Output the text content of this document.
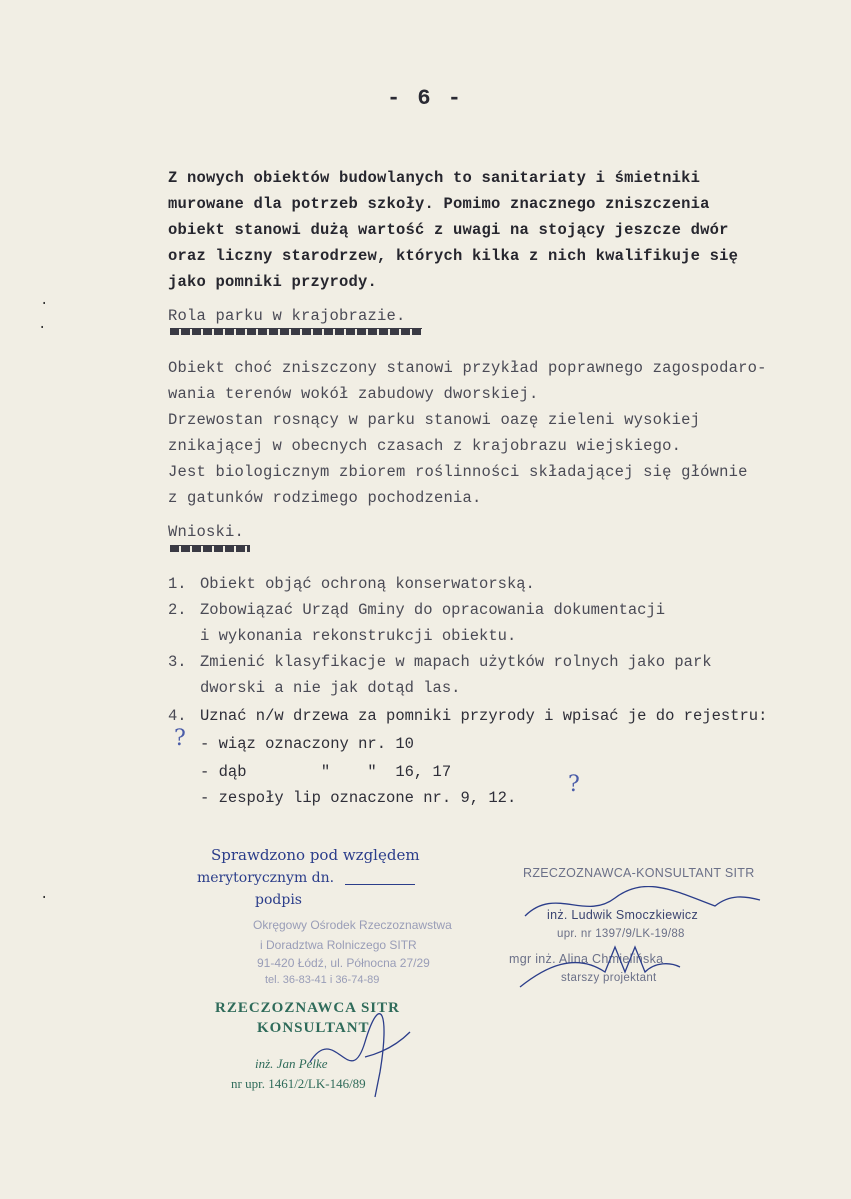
- 6 -
Z nowych obiektów budowlanych to sanitariaty i śmietniki
murowane dla potrzeb szkoły. Pomimo znacznego zniszczenia
obiekt stanowi dużą wartość z uwagi na stojący jeszcze dwór
oraz liczny starodrzew, których kilka z nich kwalifikuje się
jako pomniki przyrody.
Rola parku w krajobrazie.
Obiekt choć zniszczony stanowi przykład poprawnego zagospodaro-
wania terenów wokół zabudowy dworskiej.
Drzewostan rosnący w parku stanowi oazę zieleni wysokiej
znikającej w obecnych czasach z krajobrazu wiejskiego.
Jest biologicznym zbiorem roślinności składającej się głównie
z gatunków rodzimego pochodzenia.
Wnioski.
1. Obiekt objąć ochroną konserwatorską.
2. Zobowiązać Urząd Gminy do opracowania dokumentacji
i wykonania rekonstrukcji obiektu.
3. Zmienić klasyfikacje w mapach użytków rolnych jako park
dworski a nie jak dotąd las.
4. Uznać n/w drzewa za pomniki przyrody i wpisać je do rejestru:
- wiąz oznaczony nr. 10
- dąb        "    "  16, 17
- zespoły lip oznaczone nr. 9, 12.
?
?
·
·
·
Sprawdzono pod względem
merytorycznym dn.
podpis
Okręgowy Ośrodek Rzeczoznawstwa
i Doradztwa Rolniczego SITR
91-420 Łódź, ul. Północna 27/29
tel. 36-83-41 i 36-74-89
RZECZOZNAWCA SITR
KONSULTANT
inż. Jan Pelke
nr upr. 1461/2/LK-146/89
RZECZOZNAWCA-KONSULTANT SITR
inż. Ludwik Smoczkiewicz
upr. nr 1397/9/LK-19/88
mgr inż. Alina Chmielińska
starszy projektant
